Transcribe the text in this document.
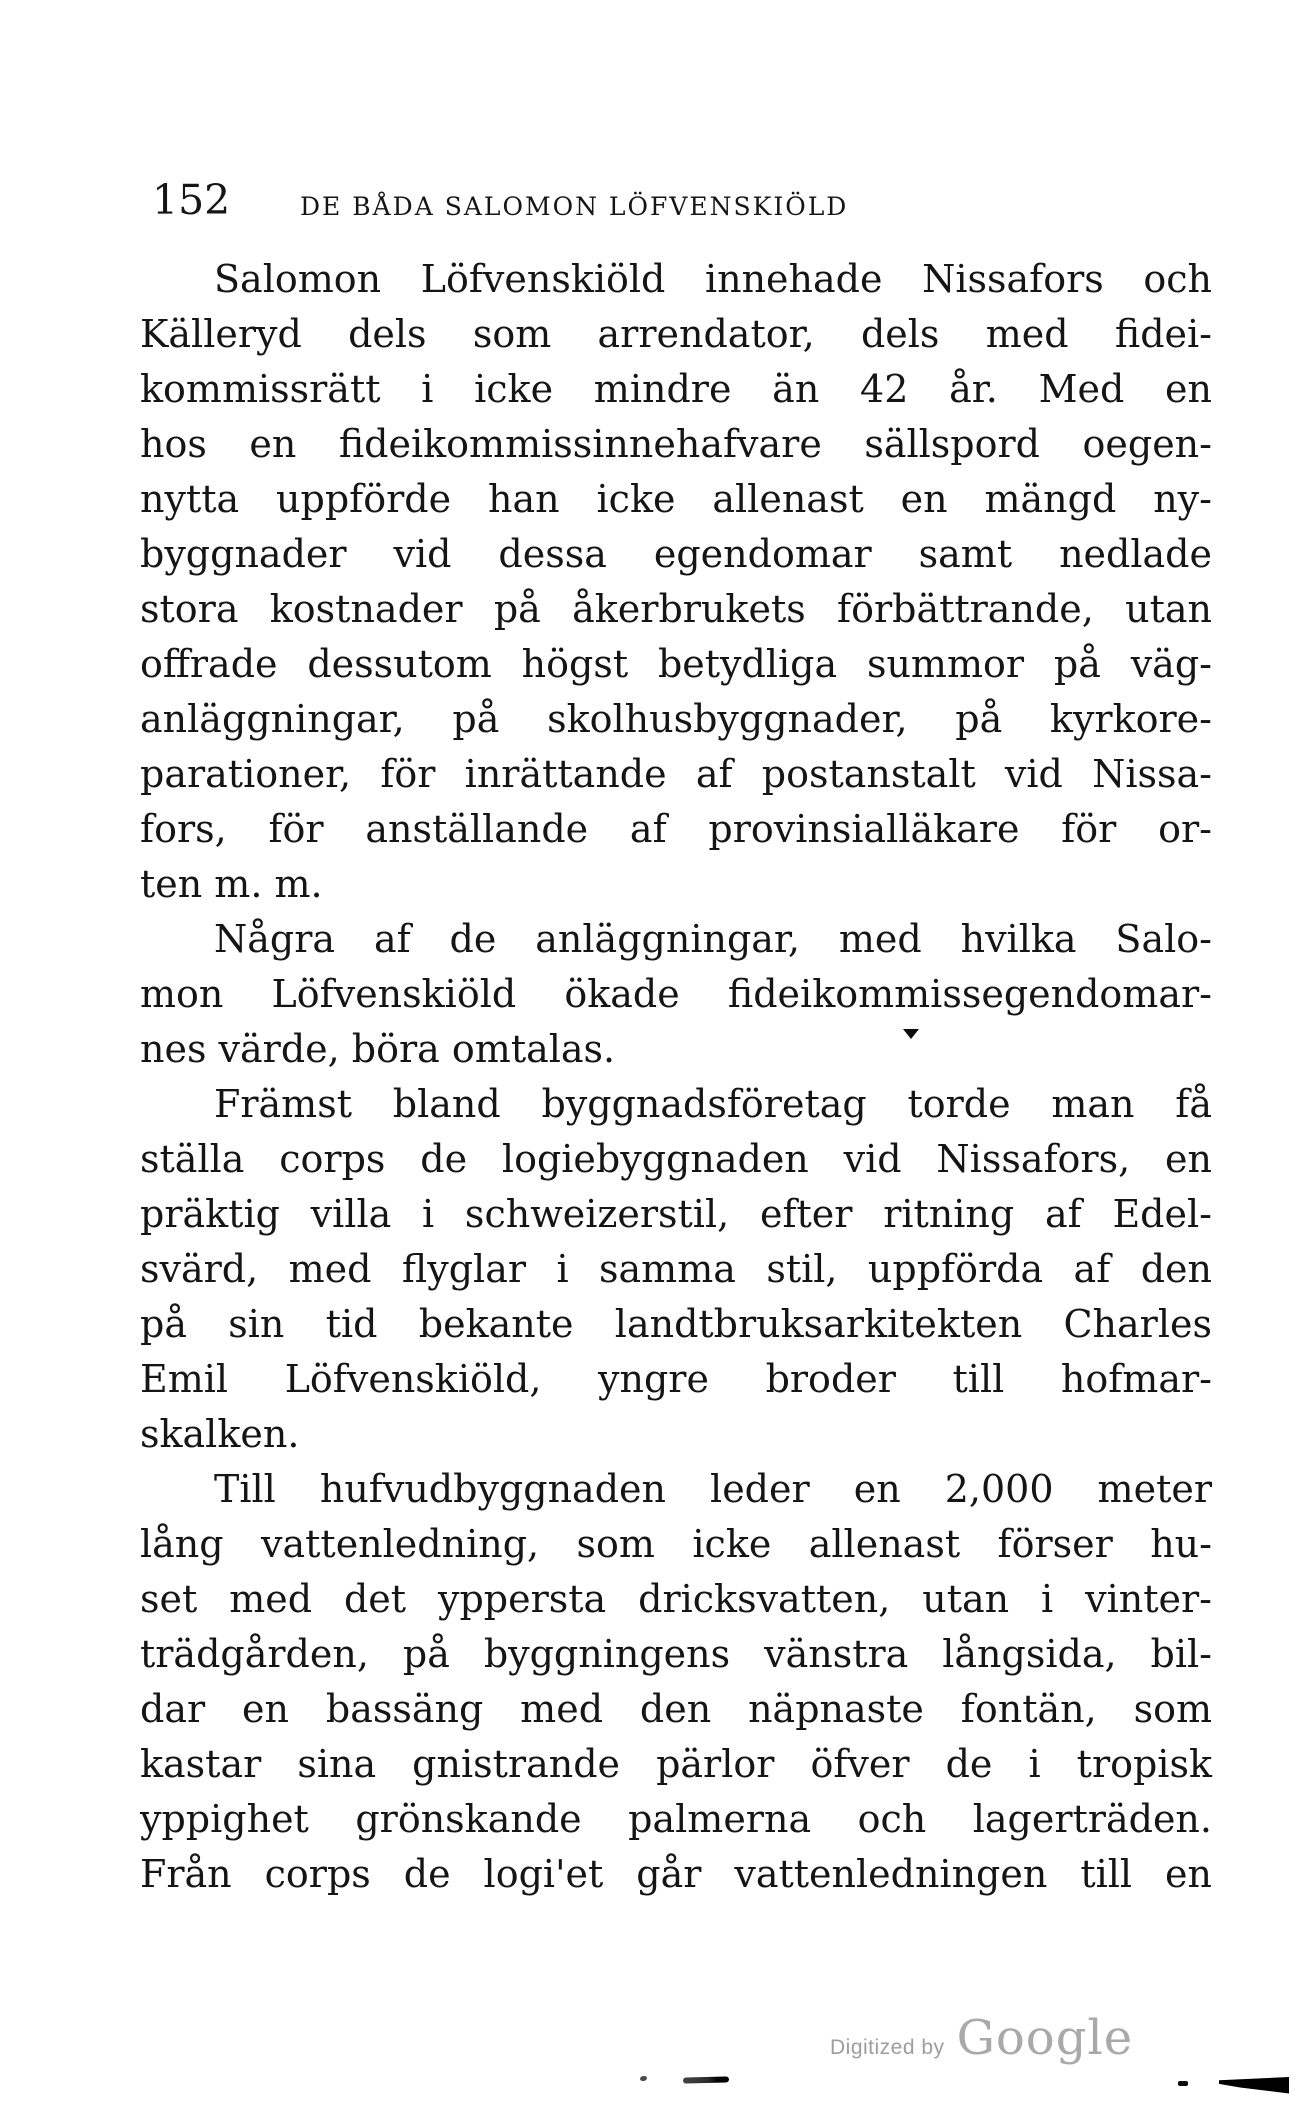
152	DE BÅDA SALOMON LÖFVENSKIÖLD
Salomon Löfvenskiöld innehade Nissafors och
Källeryd dels som arrendator, dels med fidei-
kommissrätt i icke mindre än 42 år. Med en
hos en fideikommissinnehafvare sällspord oegen-
nytta uppförde han icke allenast en mängd ny-
byggnader vid dessa egendomar samt nedlade
stora kostnader på åkerbrukets förbättrande, utan
offrade dessutom högst betydliga summor på väg-
anläggningar, på skolhusbyggnader, på kyrkore-
parationer, för inrättande af postanstalt vid Nissa-
fors, för anställande af provinsialläkare för or-
ten m. m.
Några af de anläggningar, med hvilka Salo-
mon Löfvenskiöld ökade fideikommissegendomar-
nes värde, böra omtalas.
Främst bland byggnadsföretag torde man få
ställa corps de logiebyggnaden vid Nissafors, en
präktig villa i schweizerstil, efter ritning af Edel-
svärd, med flyglar i samma stil, uppförda af den
på sin tid bekante landtbruksarkitekten Charles
Emil Löfvenskiöld, yngre broder till hofmar-
skalken.
Till hufvudbyggnaden leder en 2,000 meter
lång vattenledning, som icke allenast förser hu-
set med det yppersta dricksvatten, utan i vinter-
trädgården, på byggningens vänstra långsida, bil-
dar en bassäng med den näpnaste fontän, som
kastar sina gnistrande pärlor öfver de i tropisk
yppighet grönskande palmerna och lagerträden.
Från corps de logi'et går vattenledningen till en
Digitized by Google
